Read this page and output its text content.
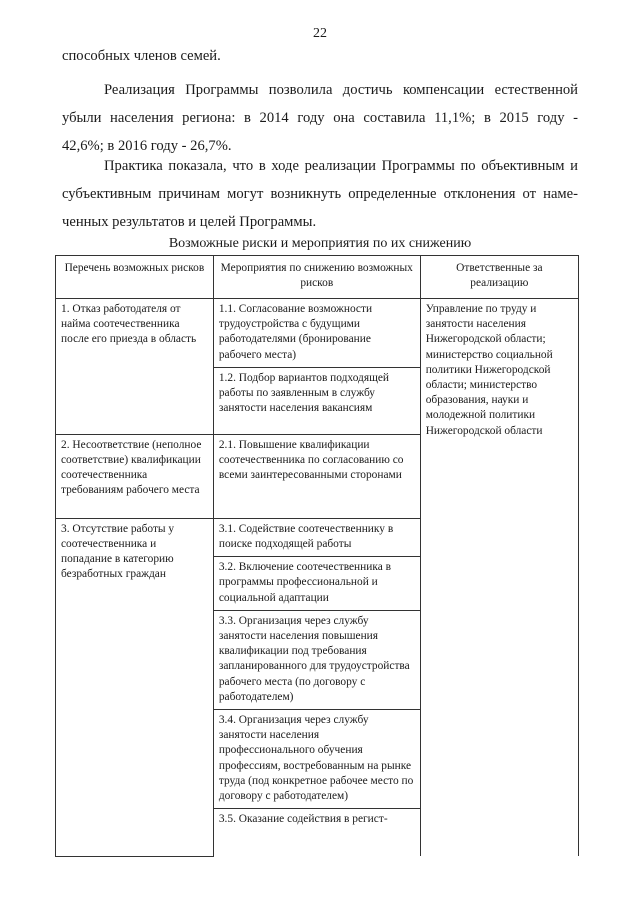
22

способных членов семей.

Реализация Программы позволила достичь компенсации естественной
убыли населения региона: в 2014 году она составила 11,1%; в 2015 году -
42,6%; в 2016 году - 26,7%.

Практика показала, что в ходе реализации Программы по объективным и
субъективным причинам могут возникнуть определенные отклонения от наме-
ченных результатов и целей Программы.

Возможные риски и мероприятия по их снижению
Перечень возможных рисков	Мероприятия по снижению возможных рисков	Ответственные за реализацию
1. Отказ работодателя от найма соотечественника после его приезда в область	1.1. Согласование возможности трудоустройства с будущими работодателями (бронирование рабочего места)	Управление по труду и занятости населения Нижегородской области; министерство социальной политики Нижегородской области; министерство образования, науки и молодежной политики Нижегородской области
	1.2. Подбор вариантов подходящей работы по заявленным в службу занятости населения вакансиям	
2. Несоответствие (неполное соответствие) квалификации соотечественника требованиям рабочего места	2.1. Повышение квалификации соотечественника по согласованию со всеми заинтересованными сторонами	
3. Отсутствие работы у соотечественника и попадание в категорию безработных граждан	3.1. Содействие соотечественнику в поиске подходящей работы	
	3.2. Включение соотечественника в программы профессиональной и социальной адаптации	
	3.3. Организация через службу занятости населения повышения квалификации под требования запланированного для трудоустройства рабочего места (по договору с работодателем)	
	3.4. Организация через службу занятости населения профессионального обучения профессиям, востребованным на рынке труда (под конкретное рабочее место по договору с работодателем)	
	3.5. Оказание содействия в регист-	
